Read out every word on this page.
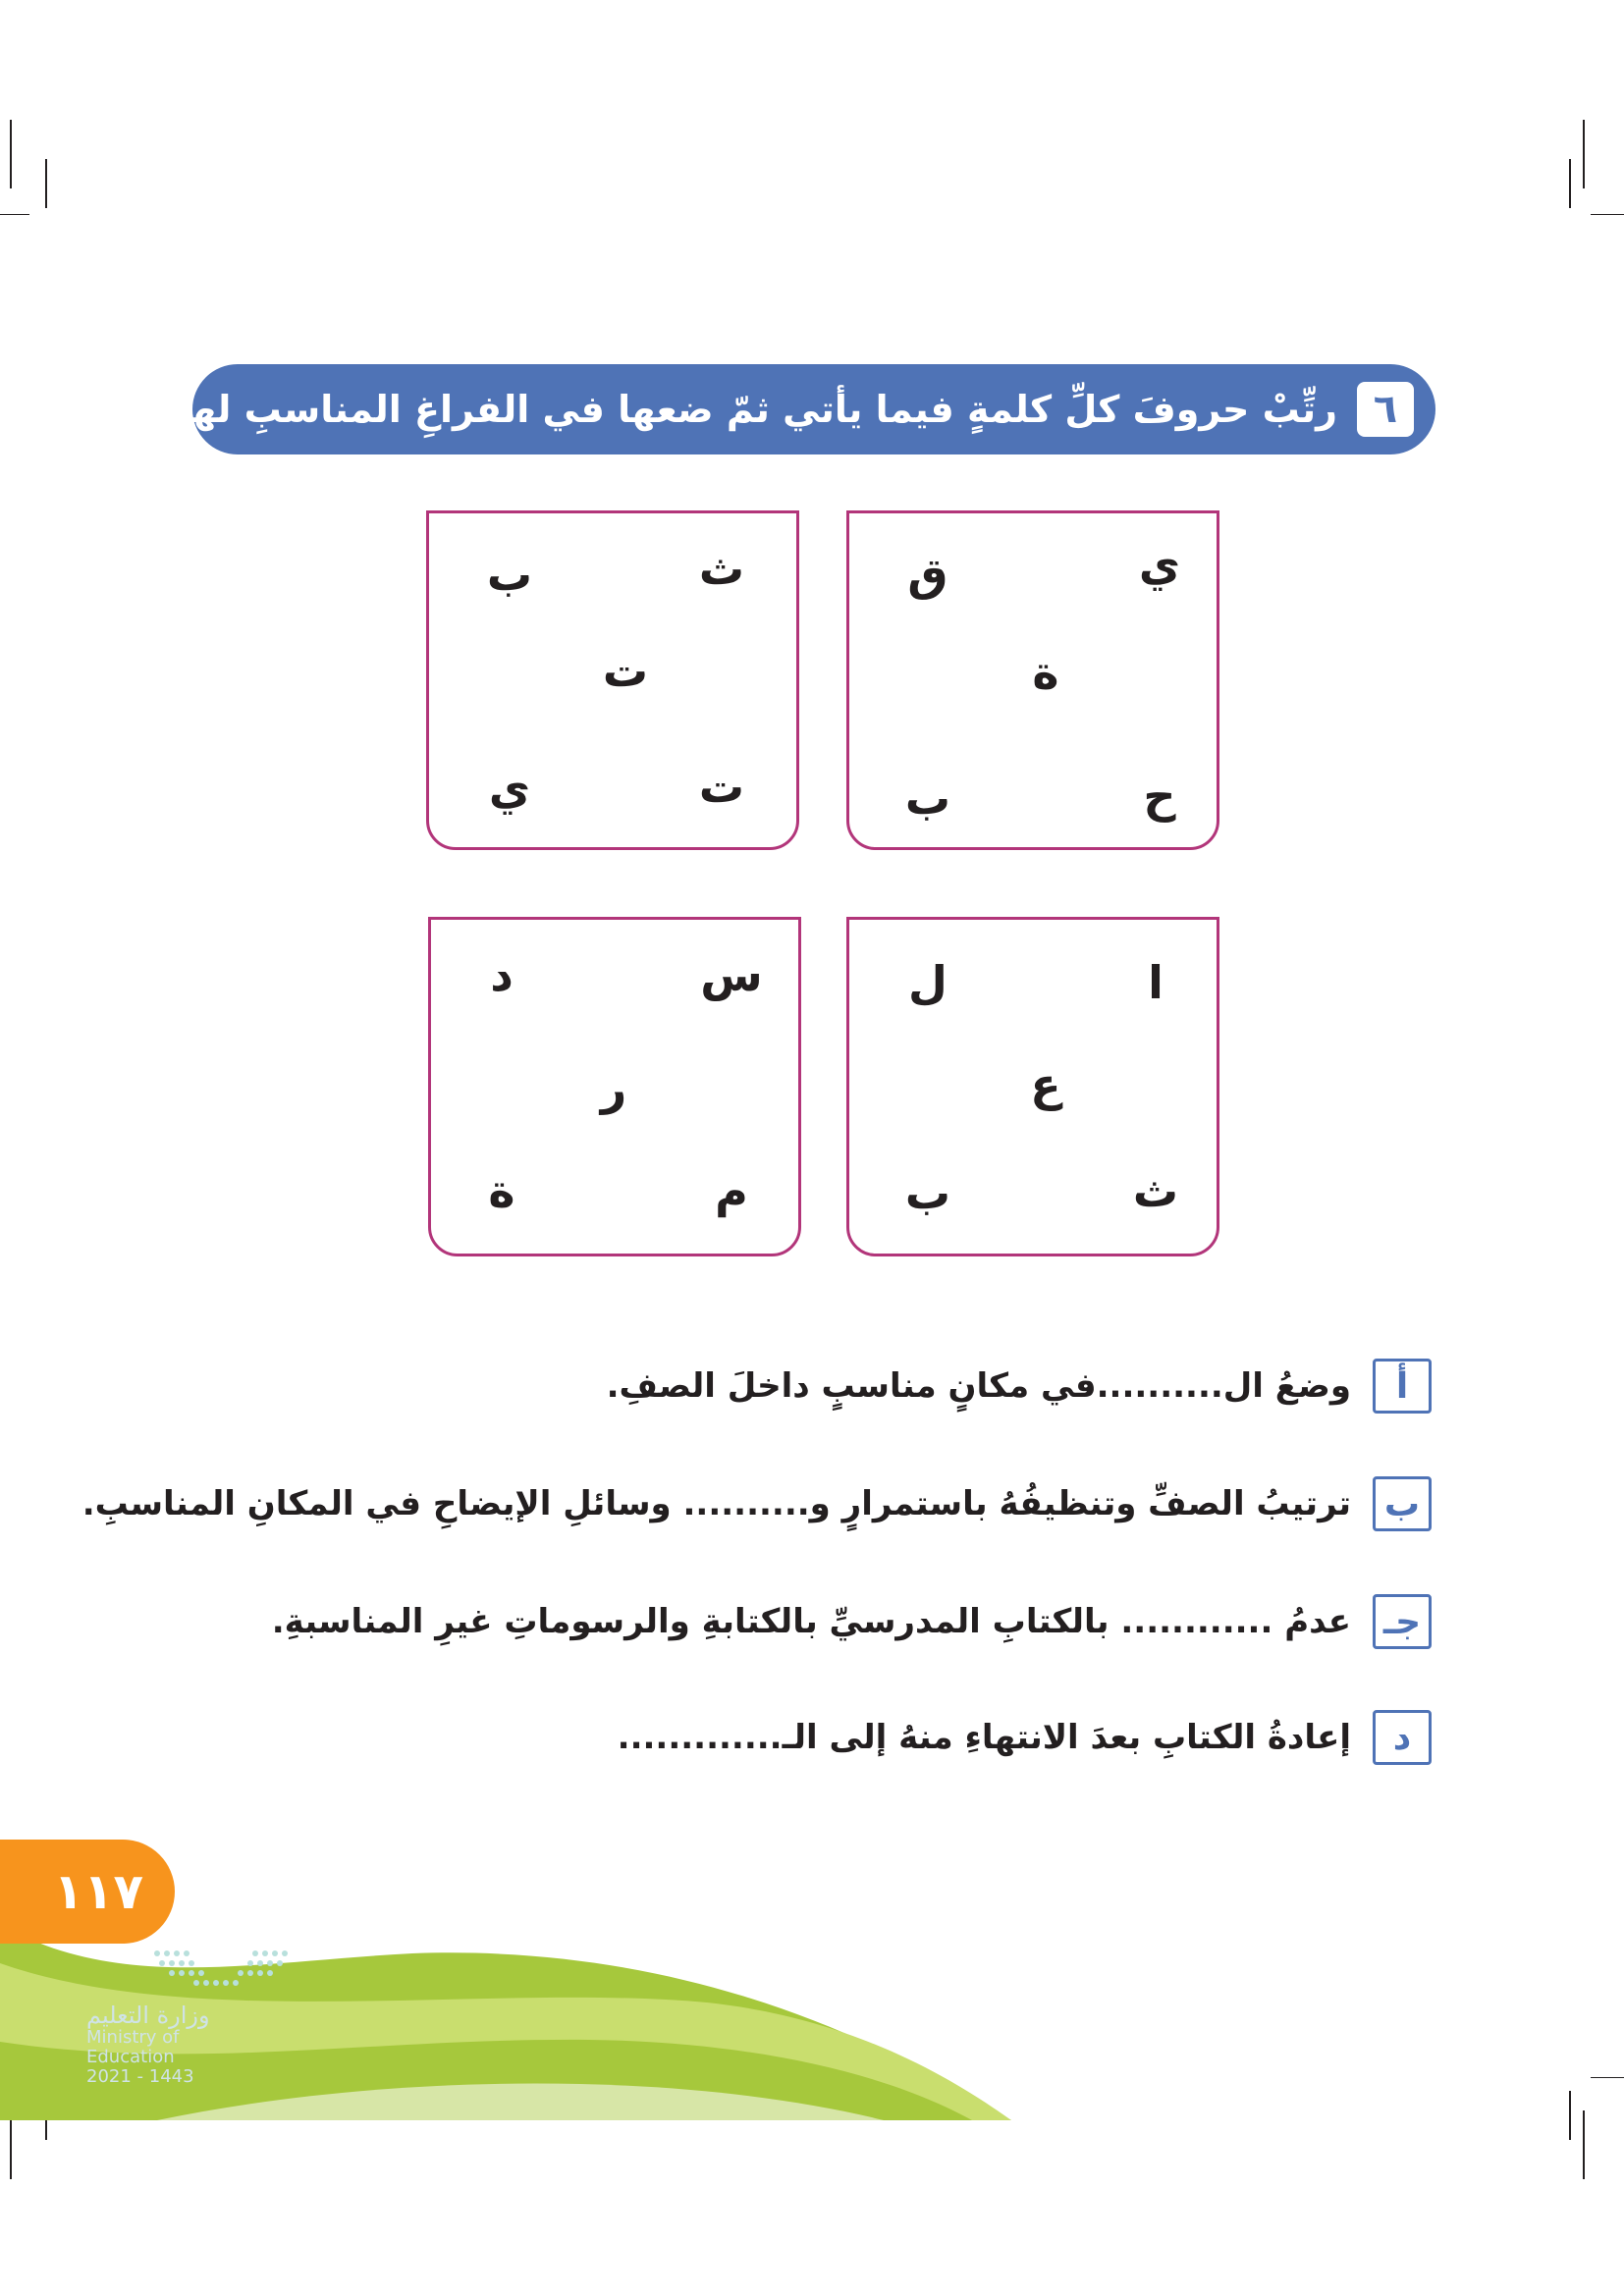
٦
رتِّبْ حروفَ كلِّ كلمةٍ فيما يأتي ثمّ ضعها في الفراغِ المناسبِ لها :
ي
ق
ة
ح
ب
ث
ب
ت
ت
ي
ا
ل
ع
ث
ب
س
د
ر
م
ة
أ
وضعُ ال..........في مكانٍ مناسبٍ داخلَ الصفِ.
ب
ترتيبُ الصفِّ وتنظيفُهُ باستمرارٍ و.......... وسائلِ الإيضاحِ في المكانِ المناسبِ.
جـ
عدمُ ............ بالكتابِ المدرسيِّ بالكتابةِ والرسوماتِ غيرِ المناسبةِ.
د
إعادةُ الكتابِ بعدَ الانتهاءِ منهُ إلى الـ.............
وزارة التعليم
Ministry of Education
2021 - 1443
١١٧
